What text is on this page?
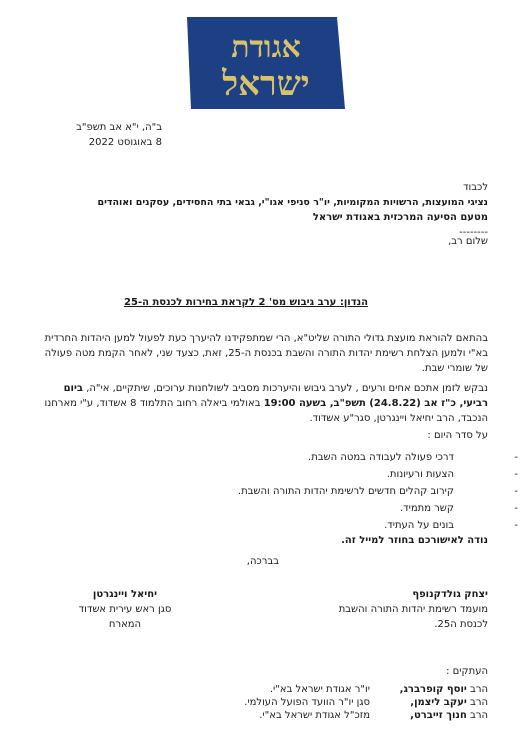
אגודת
ישראל
ב"ה, י"א אב תשפ"ב
8 באוגוסט 2022
לכבוד
נציגי המועצות, הרשויות המקומיות, יו"ר סניפי אגו"י, גבאי בתי החסידים, עסקנים ואוהדים
מטעם הסיעה המרכזית באגודת ישראל
--------
שלום רב,
הנדון: ערב גיבוש מס' 2 לקראת בחירות לכנסת ה-25
בהתאם להוראת מועצת גדולי התורה שליט"א, הרי שמתפקידנו להיערך כעת לפעול למען היהדות החרדית בא"י ולמען הצלחת רשימת יהדות התורה והשבת בכנסת ה-25, זאת, כצעד שני, לאחר הקמת מטה פעולה של שומרי שבת.
נבקש לזמן אתכם אחים ורעים , לערב גיבוש והיערכות מסביב לשולחנות ערוכים, שיתקיים, אי"ה, ביום רביעי, כ"ז אב (24.8.22) תשפ"ב, בשעה 19:00 באולמי ביאלה רחוב התלמוד 8 אשדוד, ע"י מארחנו הנכבד, הרב יחיאל ויינגרטן, סגר"ע אשדוד.
על סדר היום :
-
דרכי פעולה לעבודה במטה השבת.
-
הצעות ורעיונות.
-
קירוב קהלים חדשים לרשימת יהדות התורה והשבת.
-
קשר מתמיד.
-
בונים על העתיד.
נודה לאישורכם בחוזר למייל זה.
בברכה,
יצחק גולדקנופף
מועמד רשימת יהדות התורה והשבת
לכנסת ה25.
יחיאל ויינגרטן
סגן ראש עירית אשדוד
המארח
העתקים :
הרב יוסף קופרברג,
יו"ר אגודת ישראל בא"י.
הרב יעקב ליצמן,
סגן יו"ר הוועד הפועל העולמי.
הרב חנוך זייברט,
מזכ"ל אגודת ישראל בא"י.
